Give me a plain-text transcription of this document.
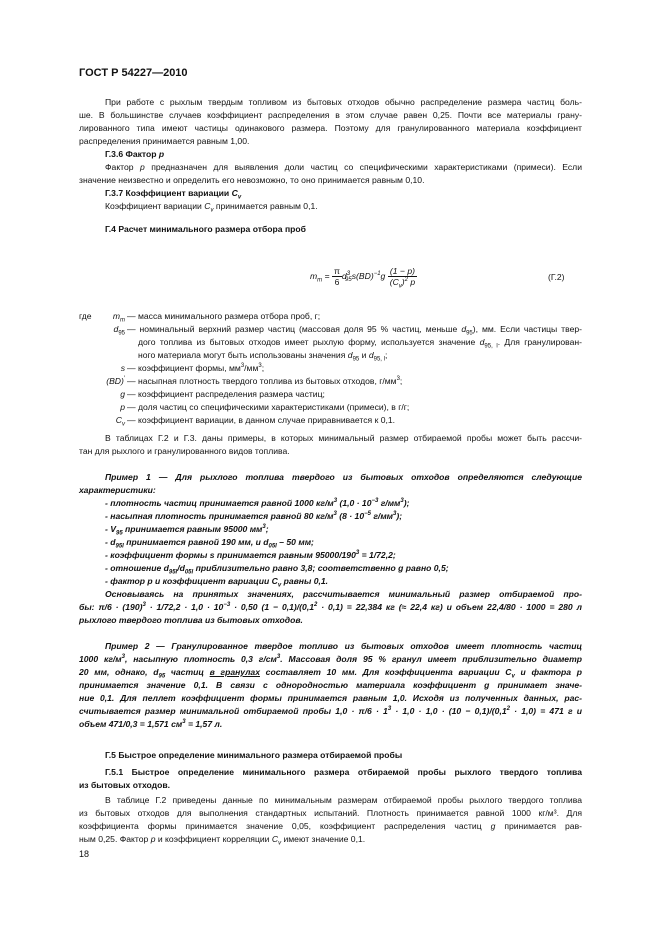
ГОСТ Р 54227—2010
При работе с рыхлым твердым топливом из бытовых отходов обычно распределение размера частиц боль-
ше. В большинстве случаев коэффициент распределения в этом случае равен 0,25. Почти все материалы грану-
лированного типа имеют частицы одинакового размера. Поэтому для гранулированного материала коэффициент
распределения принимается равным 1,00.
Г.3.6 Фактор p
Фактор p предназначен для выявления доли частиц со специфическими характеристиками (примеси). Если
значение неизвестно и определить его невозможно, то оно принимается равным 0,10.
Г.3.7 Коэффициент вариации $C_v$
Коэффициент вариации $C_v$ принимается равным 0,1.
Г.4 Расчет минимального размера отбора проб
$m_m = \frac{\pi}{6} d^3_{95}s(BD)^{-1}g \frac{(1 - p)}{(C_v)^2 p}$	(Г.2)
где	$m_m$ — масса минимального размера отбора проб, г;
$d_{95}$ — номинальный верхний размер частиц (массовая доля 95 % частиц, меньше $d_{95}$), мм. Если частицы твер-
дого топлива из бытовых отходов имеет рыхлую форму, используется значение $d_{95, l}$. Для гранулирован-
ного материала могут быть использованы значения $d_{95}$ и $d_{95, l}$;
s — коэффициент формы, $мм^3/мм^3$;
(BD)′ — насыпная плотность твердого топлива из бытовых отходов, $г/мм^3$;
g — коэффициент распределения размера частиц;
p — доля частиц со специфическими характеристиками (примеси), в г/г;
$C_v$ — коэффициент вариации, в данном случае приравнивается к 0,1.
В таблицах Г.2 и Г.3. даны примеры, в которых минимальный размер отбираемой пробы может быть рассчи-
тан для рыхлого и гранулированного видов топлива.
Пример 1 — Для рыхлого топлива твердого из бытовых отходов определяются следующие
характеристики:
- плотность частиц принимается равной 1000 $кг/м^3$ ($1,0 \cdot 10^{-3}$ $г/мм^3$);
- насыпная плотность принимается равной 80 $кг/м^3$ ($8 \cdot 10^{-5}$ $г/мм^3$);
- $V_{95}$ принимается равным 95000 $мм^3$;
- $d_{95l}$ принимается равной 190 мм, и $d_{05l} - 50$ мм;
- коэффициент формы s принимается равным $95000/190^3 = 1/72,2$;
- отношение $d_{95l}/d_{05l}$ приблизительно равно 3,8; соответственно g равно 0,5;
- фактор p и коэффициент вариации $C_v$ равны 0,1.
Основываясь на принятых значениях, рассчитывается минимальный размер отбираемой про-
бы: $\pi/6 \cdot (190)^3 \cdot 1/72,2 \cdot 1,0 \cdot 10^{-3} \cdot 0,50$ $(1 - 0,1)/(0,1^2 \cdot 0,1) = 22,384$ кг (≈ 22,4 кг) и объем 22,4/80 · 1000 = 280 л
рыхлого твердого топлива из бытовых отходов.
Пример 2 — Гранулированное твердое топливо из бытовых отходов имеет плотность частиц
1000 $кг/м^3$, насыпную плотность 0,3 $г/см^3$. Массовая доля 95 % гранул имеет приблизительно диаметр
20 мм, однако, $d_{95}$ частиц в гранулах составляет 10 мм. Для коэффициента вариации $C_v$ и фактора p
принимается значение 0,1. В связи с однородностью материала коэффициент g принимает значе-
ние 0,1. Для пеллет коэффициент формы принимается равным 1,0. Исходя из полученных данных, рас-
считывается размер минимальной отбираемой пробы $1,0 \cdot \pi/6 \cdot 1^3 \cdot 1,0 \cdot 1,0 \cdot (10 - 0,1)/(0,1^2 \cdot 1,0) = 471$ г и
объем 471/0,3 = 1,571 $см^3 = 1,57$ л.
Г.5 Быстрое определение минимального размера отбираемой пробы
Г.5.1 Быстрое определение минимального размера отбираемой пробы рыхлого твердого топлива
из бытовых отходов.
В таблице Г.2 приведены данные по минимальным размерам отбираемой пробы рыхлого твердого топлива
из бытовых отходов для выполнения стандартных испытаний. Плотность принимается равной 1000 кг/м³. Для
коэффициента формы принимается значение 0,05, коэффициент распределения частиц g принимается рав-
ным 0,25. Фактор p и коэффициент корреляции $C_v$ имеют значение 0,1.
18
